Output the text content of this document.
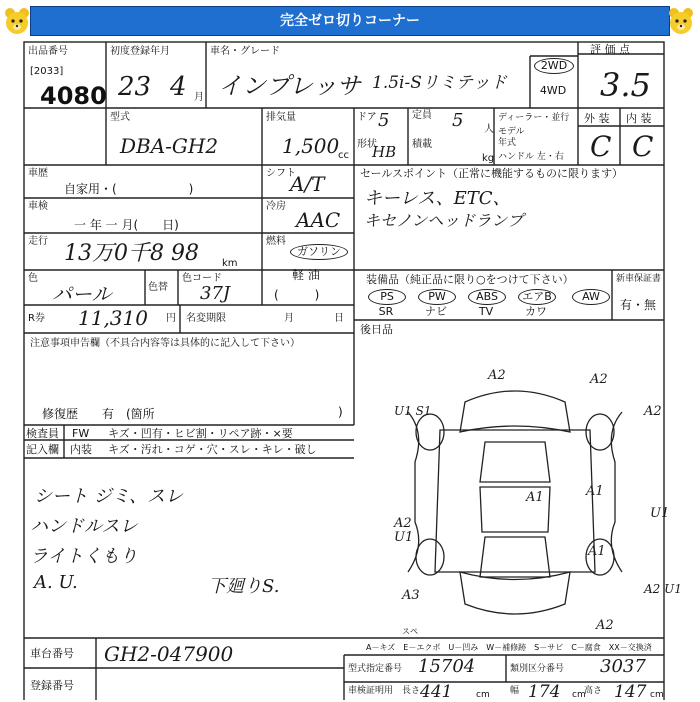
完全ゼロ切りコーナー
出品番号
[2033]
4080
初度登録年月
23 4 月
車名・グレード
インプレッサ 1.5i-Sリミテッド
2WD
4WD
評 価 点
3.5
型式
DBA-GH2
排気量
1,500
cc
ドア 5 定員 5 人
形状
HB 積載
kg
ディーラー・並行
モデル
年式
ハンドル 左・右
外 装 内 装
C C
車歴
自家用・(　　　　　　)
車検
一 年 一 月(　　日)
走行 13万0千8 98 km
色
パール	色替
色コード
37J
R券 11,310 円 名変期限	月	日
シフト
A/T
冷房
AAC
燃料
ガソリン
軽 油
(　　　)
セールスポイント（正常に機能するものに限ります）
キーレス、ETC、
キセノンヘッドランプ
装備品（純正品に限り○をつけて下さい）	新車保証書
有・無
PS	PW	ABS	エアB	AW
SR	ナビ	TV	カワ
後日品
注意事項申告欄（不具合内容等は具体的に記入して下さい）
修復歴　　有　(箇所	)
検査員
記入欄
FW キズ・凹有・ヒビ割・リペア跡・×要
内装 キズ・汚れ・コゲ・穴・スレ・キレ・破し
シート ジミ、スレ
ハンドルスレ
ライトくもり
A. U.	下廻りS.
A2	A2
A2
U1 S1
A1	A1
U1
A2
U1
A1
A2 U1
A3
A2
スペ
A－キズ　E－エクボ　U－凹み　W－補修跡　S－サビ　C－腐食　XX－交換済
車台番号 GH2-047900
登録番号
型式指定番号 15704	類別区分番号 3037
車検証明用 長さ 441	cm 幅 174 cm
高さ 147 cm
